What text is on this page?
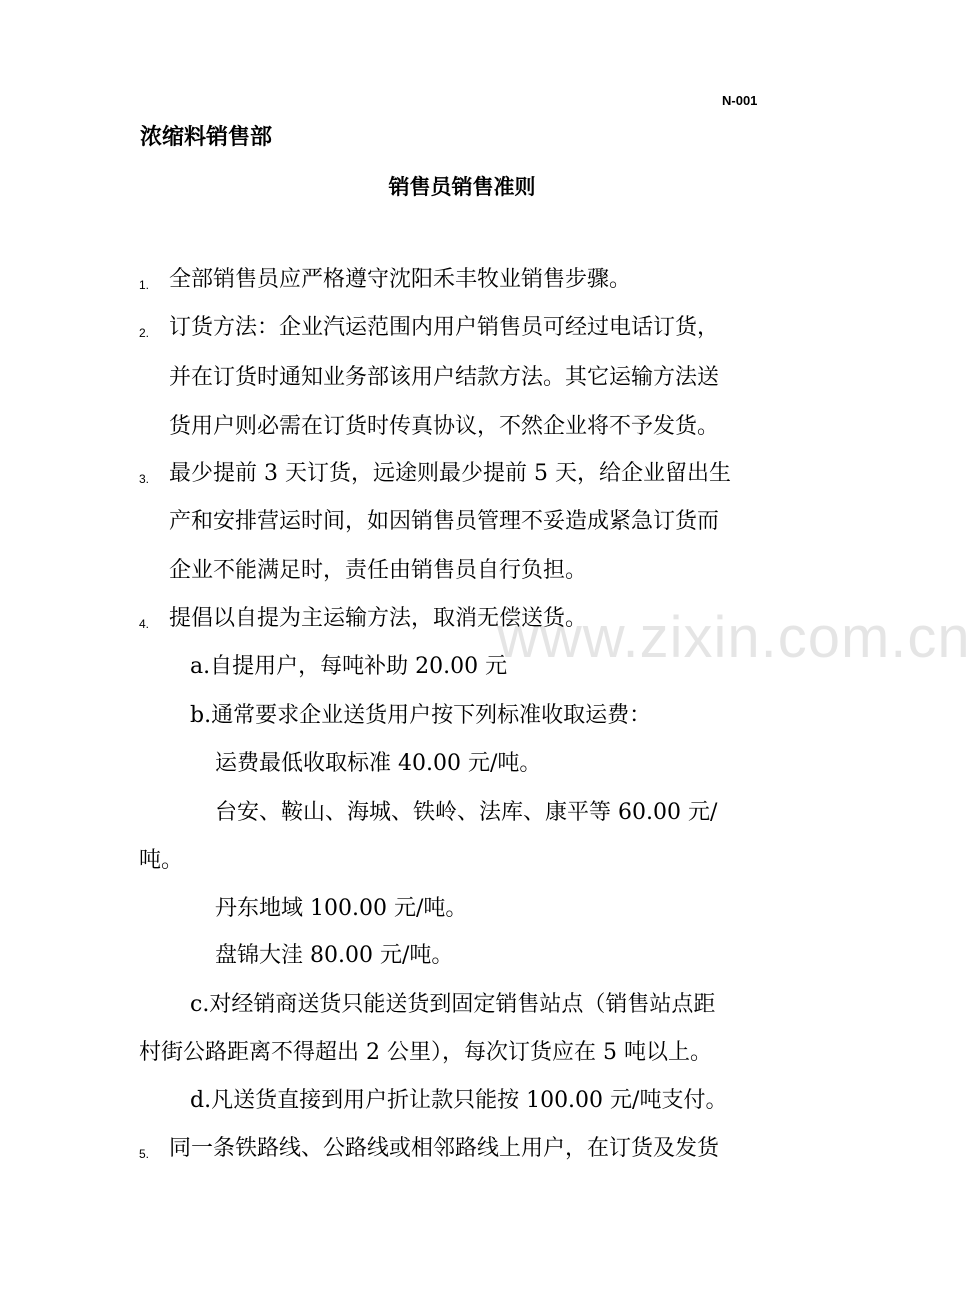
N-001
浓缩料销售部
销售员销售准则
1. 全部销售员应严格遵守沈阳禾丰牧业销售步骤。
2. 订货方法：企业汽运范围内用户销售员可经过电话订货，
并在订货时通知业务部该用户结款方法。其它运输方法送
货用户则必需在订货时传真协议，不然企业将不予发货。
3. 最少提前 3 天订货，远途则最少提前 5 天，给企业留出生
产和安排营运时间，如因销售员管理不妥造成紧急订货而
企业不能满足时，责任由销售员自行负担。
4. 提倡以自提为主运输方法，取消无偿送货。
www.zixin.com.cn
a.自提用户，每吨补助 20.00 元
b.通常要求企业送货用户按下列标准收取运费：
运费最低收取标准 40.00 元/吨。
台安、鞍山、海城、铁岭、法库、康平等 60.00 元/
吨。
丹东地域 100.00 元/吨。
盘锦大洼 80.00 元/吨。
c.对经销商送货只能送货到固定销售站点（销售站点距
村街公路距离不得超出 2 公里），每次订货应在 5 吨以上。
d.凡送货直接到用户折让款只能按 100.00 元/吨支付。
5. 同一条铁路线、公路线或相邻路线上用户，在订货及发货
